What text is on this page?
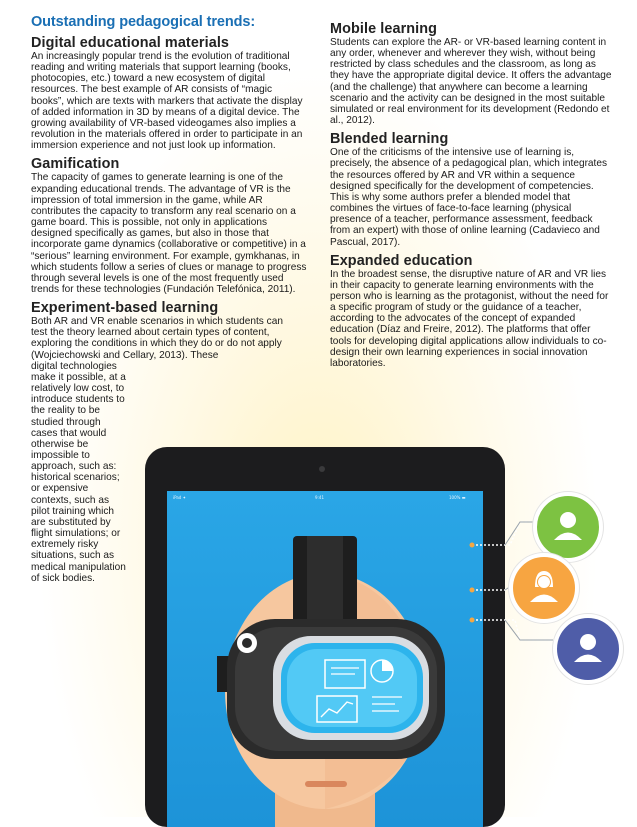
Outstanding pedagogical trends:
Digital educational materials

An increasingly popular trend is the evolution of traditional reading and writing materials that support learning (books, photocopies, etc.) toward a new ecosystem of digital resources. The best example of AR consists of “magic books”, which are texts with markers that activate the display of added information in 3D by means of a digital device. The growing availability of VR-based videogames also implies a revolution in the materials offered in order to participate in an immersion experience and not just look up information.

Gamification

The capacity of games to generate learning is one of the expanding educational trends. The advantage of VR is the impression of total immersion in the game, while AR contributes the capacity to transform any real scenario on a game board. This is possible, not only in applications designed specifically as games, but also in those that incorporate game dynamics (collaborative or competitive) in a “serious” learning environment. For example, gymkhanas, in which students follow a series of clues or manage to progress through several levels is one of the most frequently used trends for these technologies (Fundación Telefónica, 2011).

Experiment-based learning

Both AR and VR enable scenarios in which students can test the theory learned about certain types of content, exploring the conditions in which they do or do not apply (Wojciechowski and Cellary, 2013). These

digital technologies make it possible, at a relatively low cost, to introduce students to the reality to be studied through cases that would otherwise be impossible to approach, such as: historical scenarios; or expensive contexts, such as pilot training which are substituted by flight simulations; or extremely risky situations, such as medical manipulation of sick bodies.

Mobile learning

Students can explore the AR- or VR-based learning content in any order, whenever and wherever they wish, without being restricted by class schedules and the classroom, as long as they have the appropriate digital device. It offers the advantage (and the challenge) that anywhere can become a learning scenario and the activity can be designed in the most suitable simulated or real environment for its development (Redondo et al., 2012).

Blended learning

One of the criticisms of the intensive use of learning is, precisely, the absence of a pedagogical plan, which integrates the resources offered by AR and VR within a sequence designed specifically for the development of competencies. This is why some authors prefer a blended model that combines the virtues of face-to-face learning (physical presence of a teacher, performance assessment, feedback from an expert) with those of online learning (Cadavieco and Pascual, 2017).

Expanded education

In the broadest sense, the disruptive nature of AR and VR lies in their capacity to generate learning environments with the person who is learning as the protagonist, without the need for a specific program of study or the guidance of a teacher, according to the advocates of the concept of expanded education (Díaz and Freire, 2012). The platforms that offer tools for developing digital applications allow individuals to co-design their own learning experiences in social innovation laboratories.

iPad ✦	9:41	100% ▬
